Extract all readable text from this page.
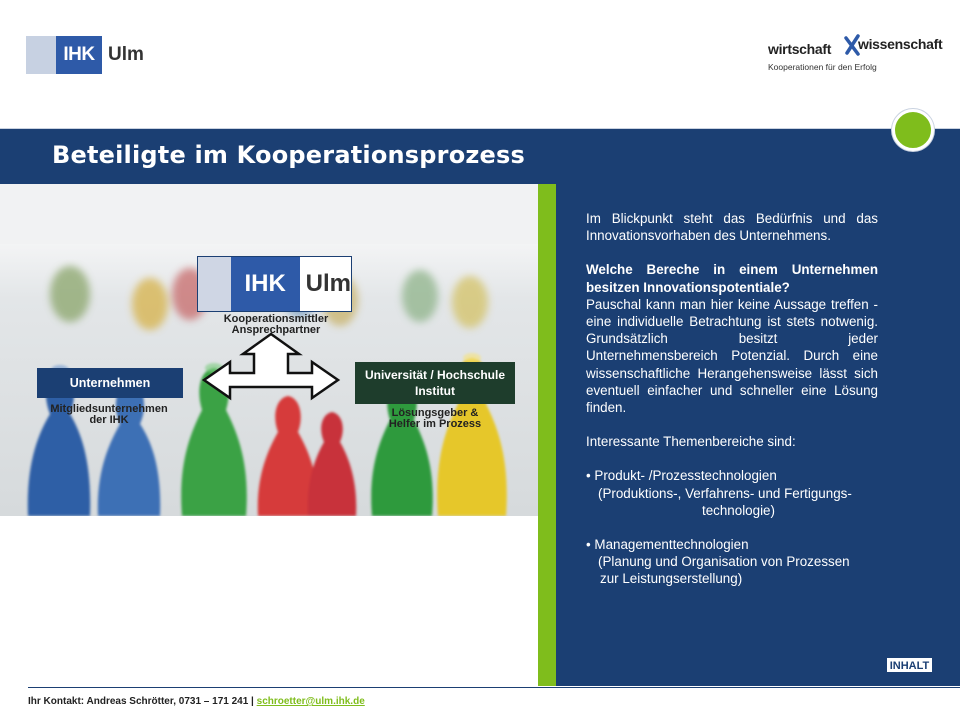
IHK Ulm	wirtschaft wissenschaft
Kooperationen für den Erfolg
Beteiligte im Kooperationsprozess
IHK Ulm
Kooperationsmittler
Ansprechpartner
Unternehmen
Mitgliedsunternehmen
der IHK
Universität / Hochschule
Institut
Lösungsgeber &
Helfer im Prozess

Im Blickpunkt steht das Bedürfnis und das Innovationsvorhaben des Unternehmens.

Welche Bereche in einem Unternehmen besitzen Innovationspotentiale?

Pauschal kann man hier keine Aussage treffen - eine individuelle Betrachtung ist stets notwenig. Grundsätzlich besitzt jeder Unternehmensbereich Potenzial. Durch eine wissenschaftliche Herangehensweise lässt sich eventuell einfacher und schneller eine Lösung finden.

Interessante Themenbereiche sind:

• Produkt- /Prozesstechnologien

(Produktions-, Verfahrens- und Fertigungs-

technologie)

• Managementtechnologien

(Planung und Organisation von Prozessen

zur Leistungserstellung)

INHALT
Ihr Kontakt: Andreas Schrötter, 0731 – 171 241 | schroetter@ulm.ihk.de
